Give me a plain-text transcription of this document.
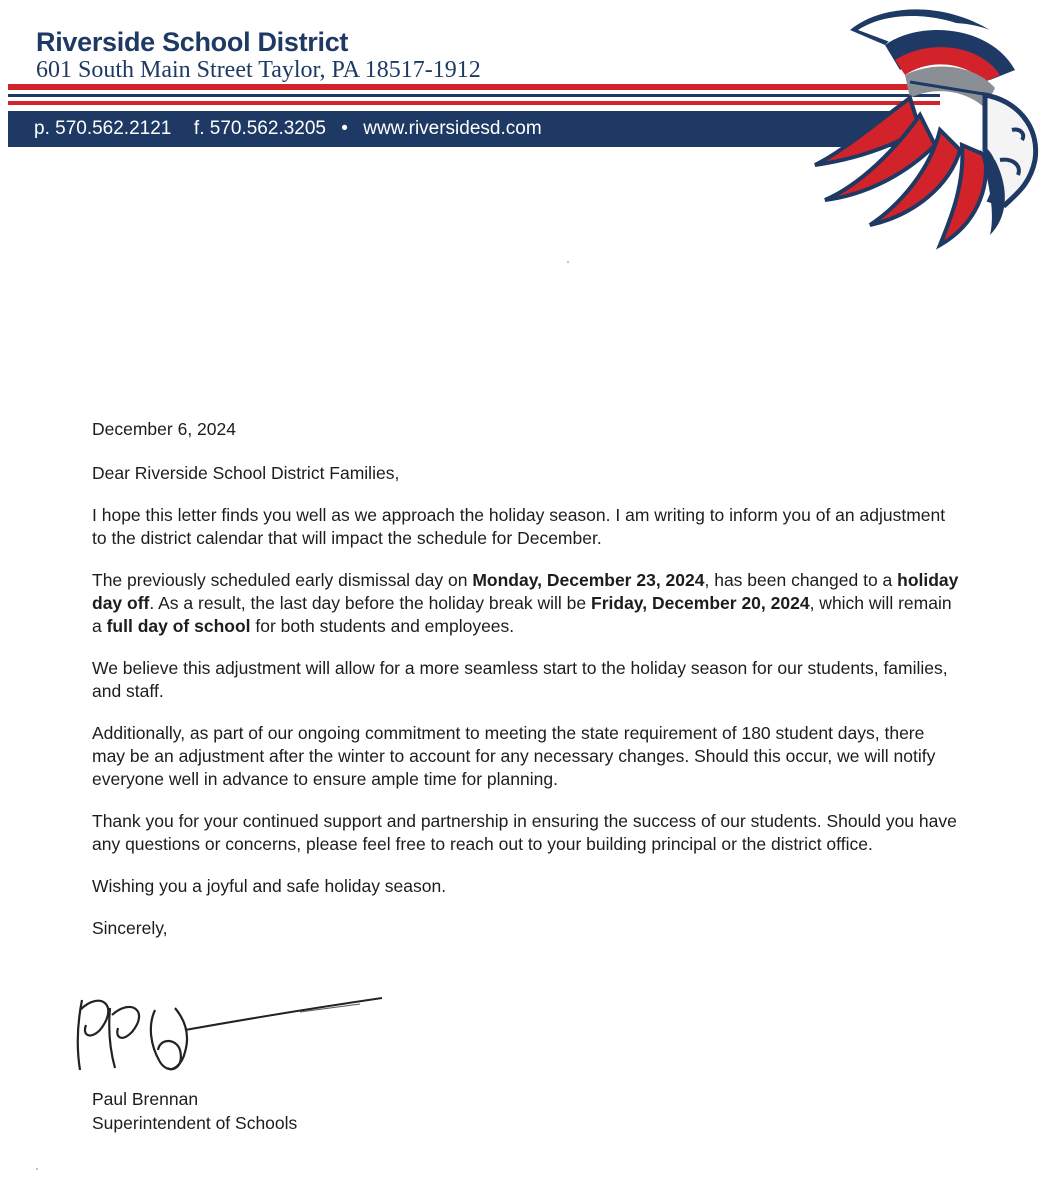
Riverside School District
601 South Main Street Taylor, PA 18517-1912
p. 570.562.2121 f. 570.562.3205 • www.riversidesd.com

December 6, 2024

Dear Riverside School District Families,

I hope this letter finds you well as we approach the holiday season. I am writing to inform you of an adjustment to the district calendar that will impact the schedule for December.

The previously scheduled early dismissal day on Monday, December 23, 2024, has been changed to a holiday day off. As a result, the last day before the holiday break will be Friday, December 20, 2024, which will remain a full day of school for both students and employees.

We believe this adjustment will allow for a more seamless start to the holiday season for our students, families, and staff.

Additionally, as part of our ongoing commitment to meeting the state requirement of 180 student days, there may be an adjustment after the winter to account for any necessary changes. Should this occur, we will notify everyone well in advance to ensure ample time for planning.

Thank you for your continued support and partnership in ensuring the success of our students. Should you have any questions or concerns, please feel free to reach out to your building principal or the district office.

Wishing you a joyful and safe holiday season.

Sincerely,

Paul Brennan
Superintendent of Schools
